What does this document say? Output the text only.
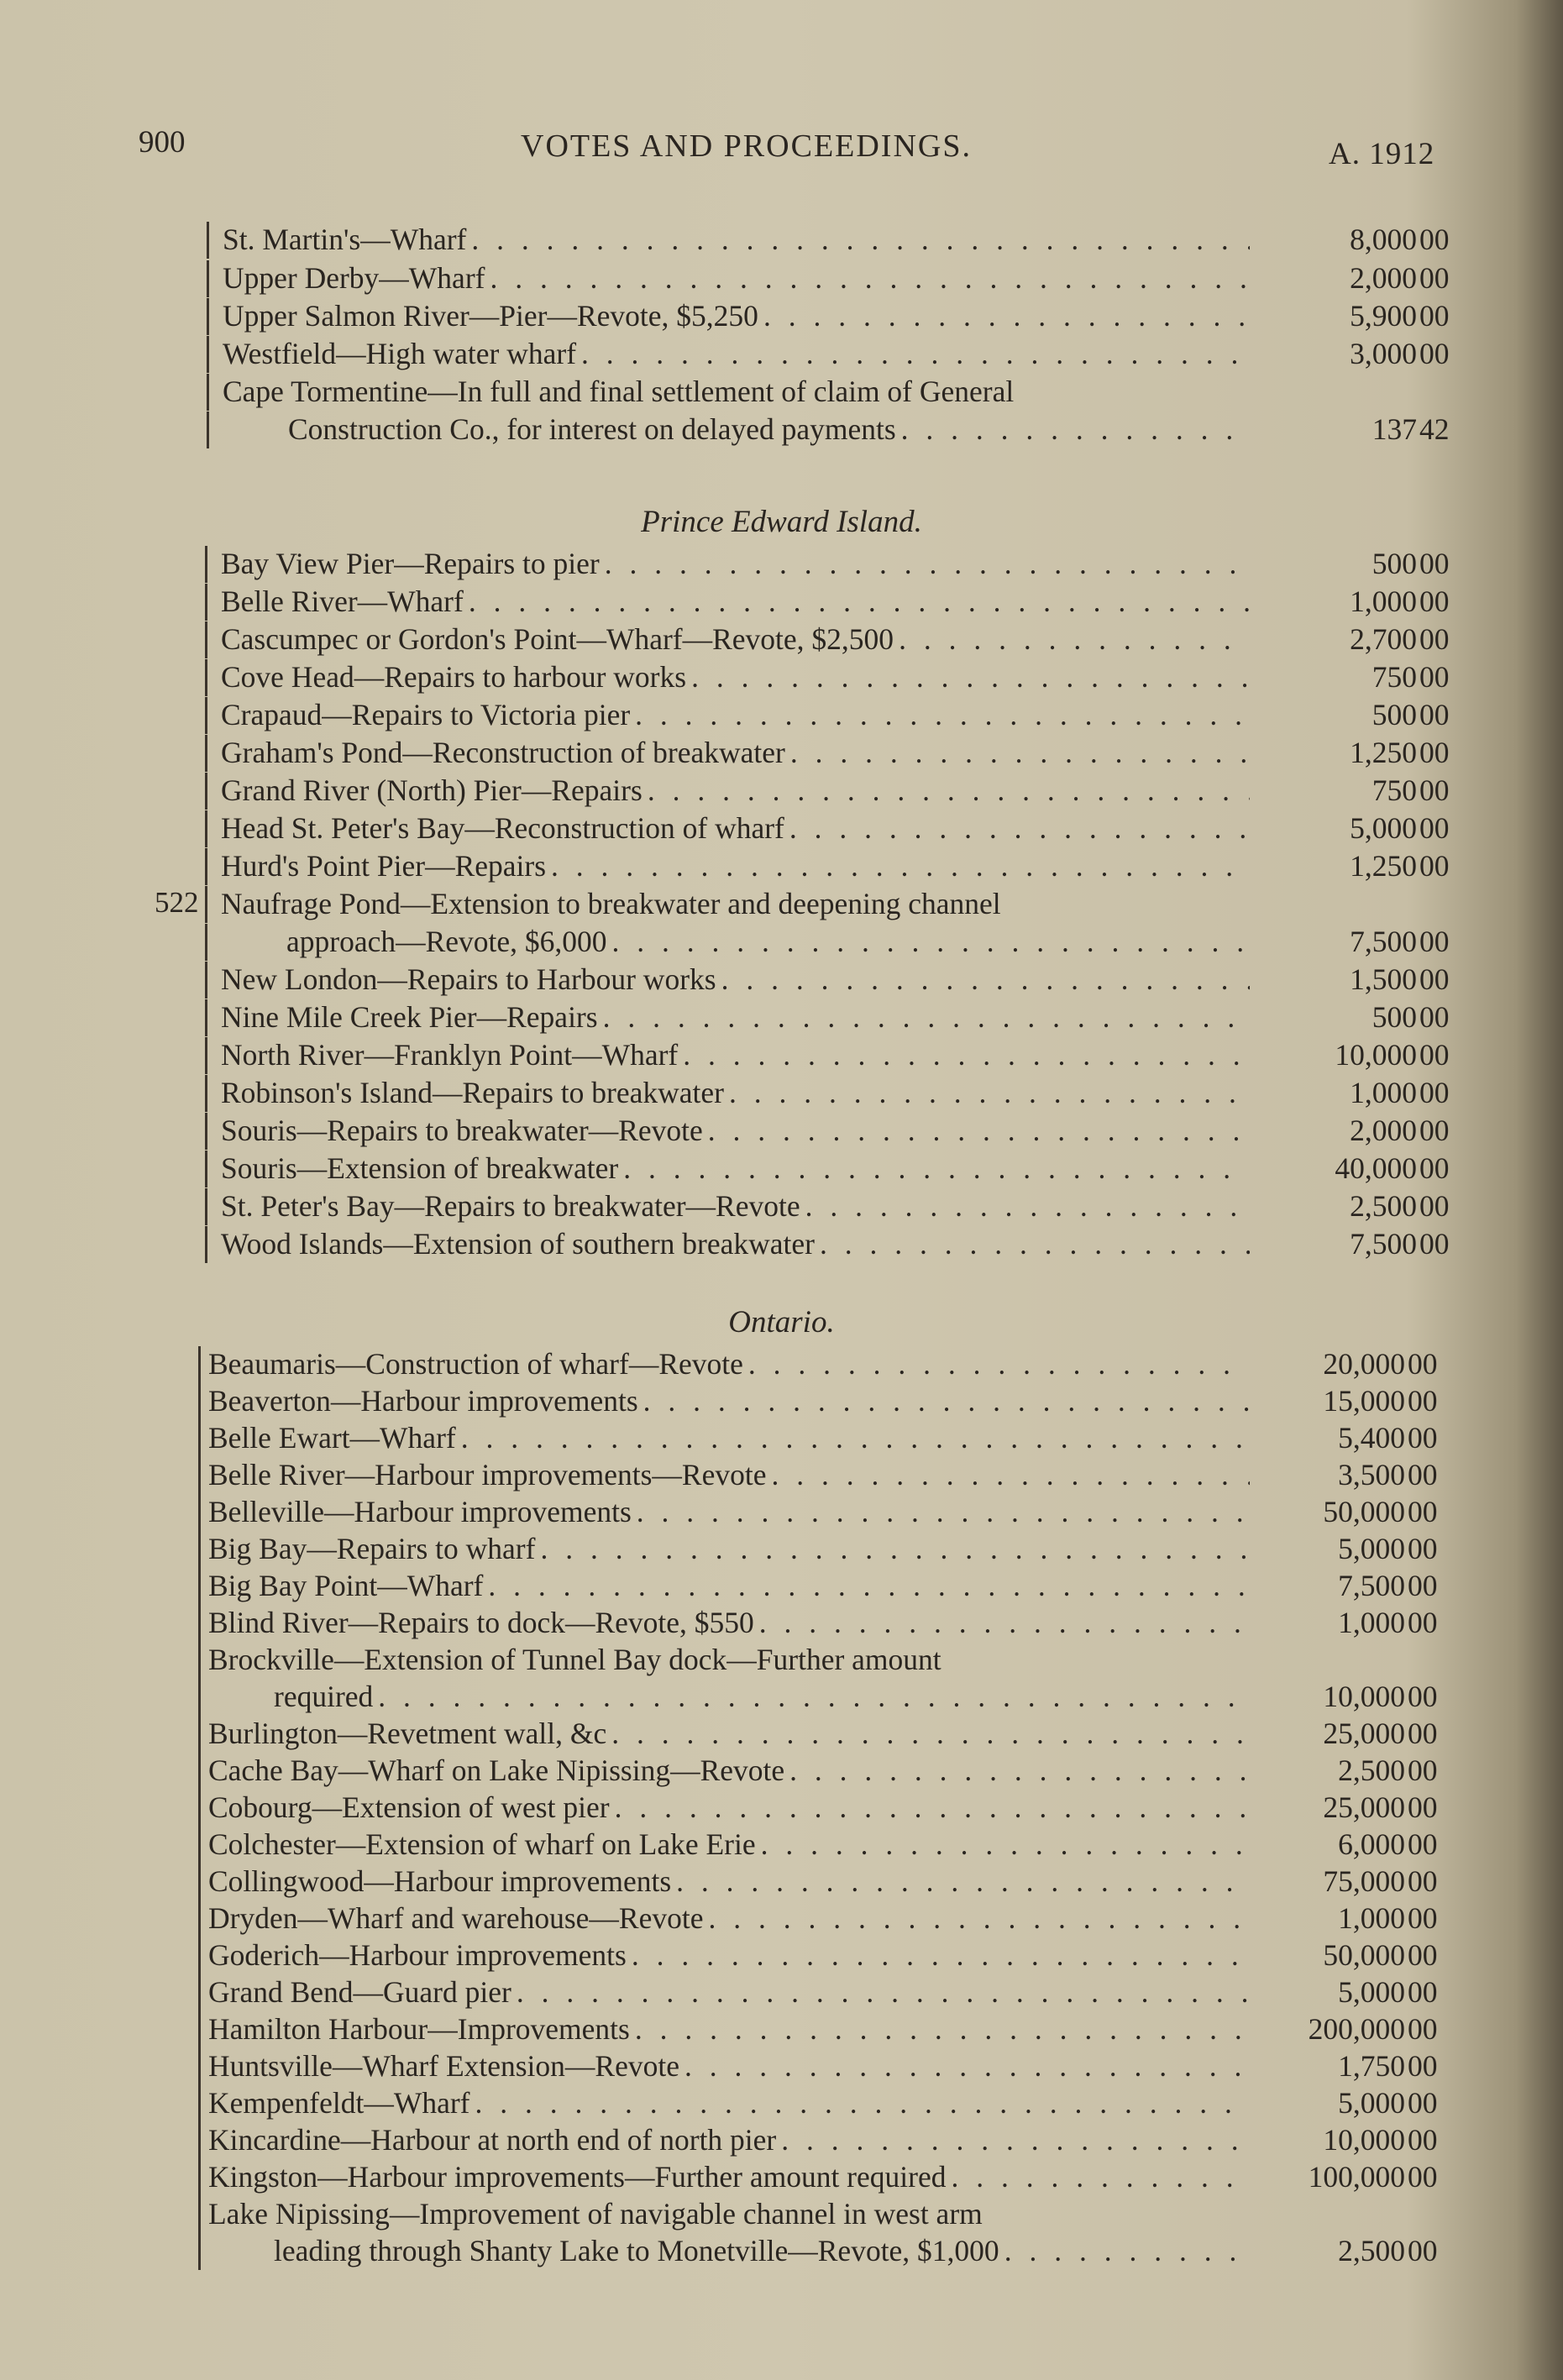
900	VOTES AND PROCEEDINGS.	A. 1912
St. Martin's—Wharf . . .	8,000 00
Upper Derby—Wharf . . .	2,000 00
Upper Salmon River—Pier—Revote, $5,250 . . .	5,900 00
Westfield—High water wharf . . .	3,000 00
Cape Tormentine—In full and final settlement of claim of General
Construction Co., for interest on delayed payments . . .	137 42
Prince Edward Island.
Bay View Pier—Repairs to pier . . .	500 00
Belle River—Wharf . . .	1,000 00
Cascumpec or Gordon's Point—Wharf—Revote, $2,500 . . .	2,700 00
Cove Head—Repairs to harbour works . . .	750 00
Crapaud—Repairs to Victoria pier . . .	500 00
Graham's Pond—Reconstruction of breakwater . . .	1,250 00
Grand River (North) Pier—Repairs . . .	750 00
Head St. Peter's Bay—Reconstruction of wharf . . .	5,000 00
Hurd's Point Pier—Repairs . . .	1,250 00
522 Naufrage Pond—Extension to breakwater and deepening channel
approach—Revote, $6,000 . . .	7,500 00
New London—Repairs to Harbour works . . .	1,500 00
Nine Mile Creek Pier—Repairs . . .	500 00
North River—Franklyn Point—Wharf . . .	10,000 00
Robinson's Island—Repairs to breakwater . . .	1,000 00
Souris—Repairs to breakwater—Revote . . .	2,000 00
Souris—Extension of breakwater . . .	40,000 00
St. Peter's Bay—Repairs to breakwater—Revote . . .	2,500 00
Wood Islands—Extension of southern breakwater . . .	7,500 00
Ontario.
Beaumaris—Construction of wharf—Revote . . .	20,000 00
Beaverton—Harbour improvements . . .	15,000 00
Belle Ewart—Wharf . . .	5,400 00
Belle River—Harbour improvements—Revote . . .	3,500 00
Belleville—Harbour improvements . . .	50,000 00
Big Bay—Repairs to wharf . . .	5,000 00
Big Bay Point—Wharf . . .	7,500 00
Blind River—Repairs to dock—Revote, $550 . . .	1,000 00
Brockville—Extension of Tunnel Bay dock—Further amount
required . . .	10,000 00
Burlington—Revetment wall, &c . . .	25,000 00
Cache Bay—Wharf on Lake Nipissing—Revote . . .	2,500 00
Cobourg—Extension of west pier . . .	25,000 00
Colchester—Extension of wharf on Lake Erie . . .	6,000 00
Collingwood—Harbour improvements . . .	75,000 00
Dryden—Wharf and warehouse—Revote . . .	1,000 00
Goderich—Harbour improvements . . .	50,000 00
Grand Bend—Guard pier . . .	5,000 00
Hamilton Harbour—Improvements . . .	200,000 00
Huntsville—Wharf Extension—Revote . . .	1,750 00
Kempenfeldt—Wharf . . .	5,000 00
Kincardine—Harbour at north end of north pier . . .	10,000 00
Kingston—Harbour improvements—Further amount required . . .	100,000 00
Lake Nipissing—Improvement of navigable channel in west arm
leading through Shanty Lake to Monetville—Revote, $1,000 . . .	2,500 00
